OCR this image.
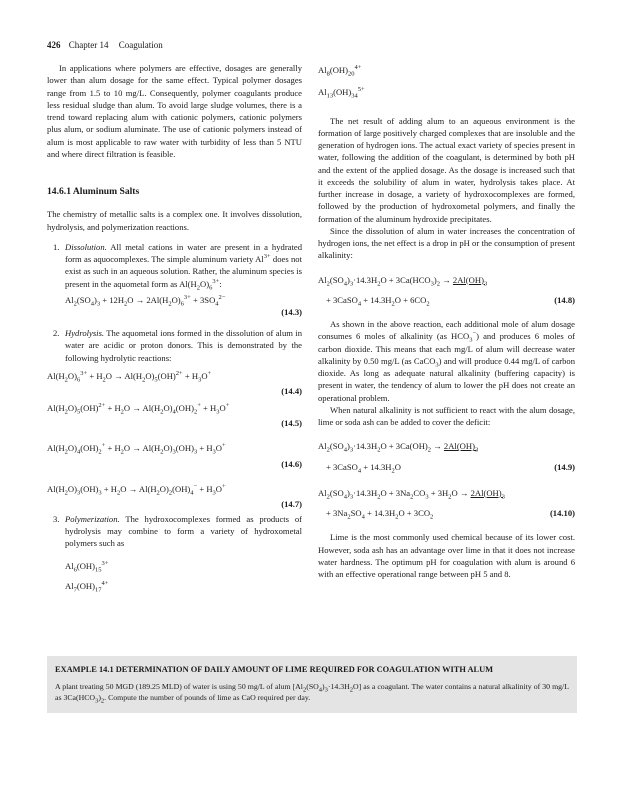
426 Chapter 14 Coagulation

In applications where polymers are effective, dosages are generally lower than alum dosage for the same effect. Typical polymer dosages range from 1.5 to 10 mg/L. Consequently, polymer coagulants produce less residual sludge than alum. To avoid large sludge volumes, there is a trend toward replacing alum with cationic polymers, cationic polymers plus alum, or sodium aluminate. The use of cationic polymers instead of alum is most applicable to raw water with turbidity of less than 5 NTU and where direct filtration is feasible.

14.6.1 Aluminum Salts

The chemistry of metallic salts is a complex one. It involves dissolution, hydrolysis, and polymerization reactions.

1. Dissolution. All metal cations in water are present in a hydrated form as aquocomplexes. The simple aluminum variety $Al^{3+}$ does not exist as such in an aqueous solution. Rather, the aluminum species is present in the aquometal form as $Al(H_2O)_6^{3+}$:

$Al_2(SO_4)_3 + 12H_2O \to 2Al(H_2O)_6^{3+} + 3SO_4^{2-}$
(14.3)
2. Hydrolysis. The aquometal ions formed in the dissolution of alum in water are acidic or proton donors. This is demonstrated by the following hydrolytic reactions:

$Al(H_2O)_6^{3+} + H_2O \to Al(H_2O)_5(OH)^{2+} + H_3O^+$
(14.4)
$Al(H_2O)_5(OH)^{2+} + H_2O \to Al(H_2O)_4(OH)_2^+ + H_3O^+$
(14.5)
$Al(H_2O)_4(OH)_2^+ + H_2O \to Al(H_2O)_3(OH)_3 + H_3O^+$
(14.6)
$Al(H_2O)_3(OH)_3 + H_2O \to Al(H_2O)_2(OH)_4^- + H_3O^+$
(14.7)
3. Polymerization. The hydroxocomplexes formed as products of hydrolysis may combine to form a variety of hydroxometal polymers such as

$Al_6(OH)_{15}^{3+}$
$Al_7(OH)_{17}^{4+}$
$Al_8(OH)_{20}^{4+}$
$Al_{13}(OH)_{34}^{5+}$

The net result of adding alum to an aqueous environment is the formation of large positively charged complexes that are insoluble and the generation of hydrogen ions. The actual exact variety of species present in water, following the addition of the coagulant, is determined by both pH and the extent of the applied dosage. As the dosage is increased such that it exceeds the solubility of alum in water, hydrolysis takes place. At further increase in dosage, a variety of hydroxocomplexes are formed, followed by the production of hydroxometal polymers, and finally the formation of the aluminum hydroxide precipitates.

Since the dissolution of alum in water increases the concentration of hydrogen ions, the net effect is a drop in pH or the consumption of present alkalinity:

$Al_2(SO_4)_3\cdot 14.3H_2O + 3Ca(HCO_3)_2 \to 2Al(OH)_3$
+ 3CaSO$_4$ + $14.3H_2O + 6CO_2$	(14.8)

As shown in the above reaction, each additional mole of alum dosage consumes 6 moles of alkalinity (as $HCO_3^-$) and produces 6 moles of carbon dioxide. This means that each mg/L of alum will decrease water alkalinity by 0.50 mg/L (as CaCO$_3$) and will produce 0.44 mg/L of carbon dioxide. As long as adequate natural alkalinity (buffering capacity) is present in water, the tendency of alum to lower the pH does not create an operational problem.

When natural alkalinity is not sufficient to react with the alum dosage, lime or soda ash can be added to cover the deficit:

$Al_2(SO_4)_3\cdot 14.3H_2O + 3Ca(OH)_2 \to 2Al(OH)_3$
+ 3CaSO$_4$ + $14.3H_2O$	(14.9)
$Al_2(SO_4)_3\cdot 14.3H_2O + 3Na_2CO_3 + 3H_2O \to 2Al(OH)_3$
+ $3Na_2SO_4 + 14.3H_2O + 3CO_2$	(14.10)

Lime is the most commonly used chemical because of its lower cost. However, soda ash has an advantage over lime in that it does not increase water hardness. The optimum pH for coagulation with alum is around 6 with an effective operational range between pH 5 and 8.

EXAMPLE 14.1 DETERMINATION OF DAILY AMOUNT OF LIME REQUIRED FOR COAGULATION WITH ALUM
A plant treating 50 MGD (189.25 MLD) of water is using 50 mg/L of alum $[Al_2(SO_4)_3\cdot 14.3H_2O]$ as a coagulant. The water contains a natural alkalinity of 30 mg/L as $3Ca(HCO_3)_2$. Compute the number of pounds of lime as CaO required per day.
